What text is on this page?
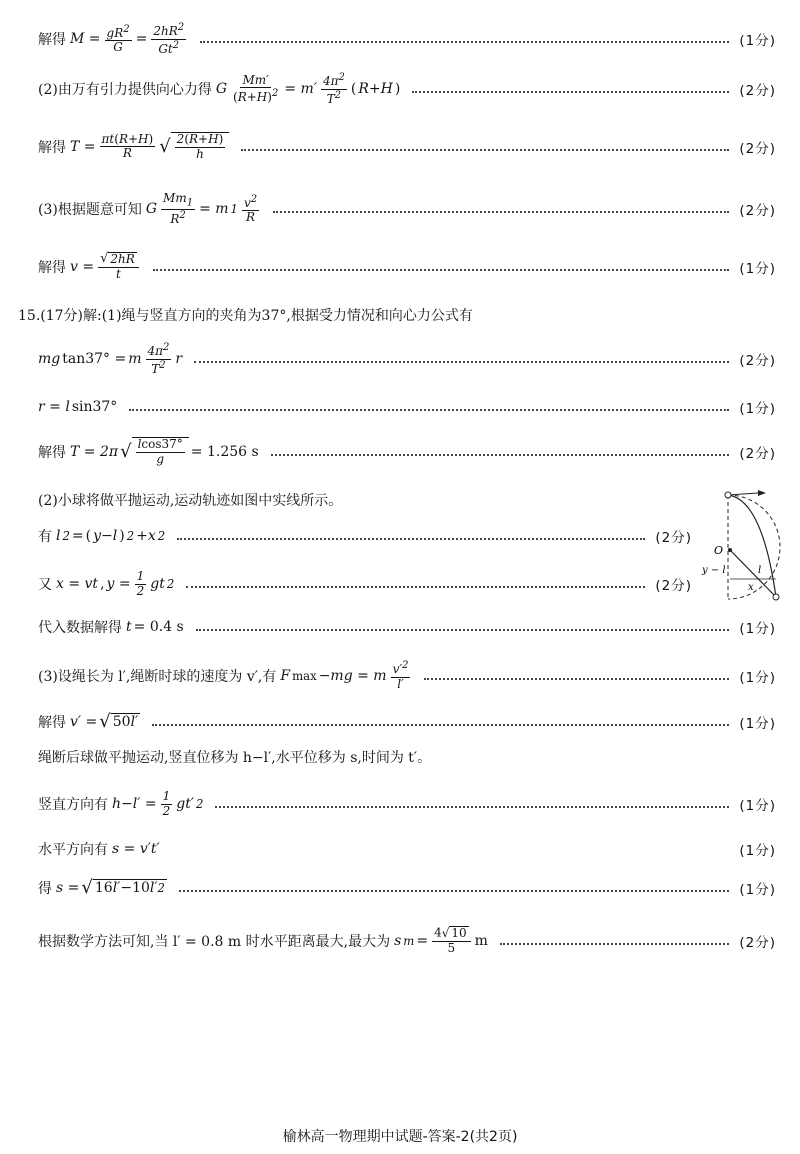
解得 $M = \frac{gR^2}{G} = \frac{2hR^2}{Gt^2}$	(1分)
(2)由万有引力提供向心力得 G $\frac{Mm'}{(R+H)^2} = m' \frac{4\pi^2}{T^2}$ ( R+H )	(2分)
解得 $T = \frac{\pi t(R+H)}{R}$ √ $\frac{2(R+H)}{h}$	(2分)
(3)根据题意可知 G $\frac{Mm_1}{R^2} = m$ $1 \frac{v^2}{R}$	(2分)
解得 $v = \frac{√ 2hR}{t}$	(1分)
15.(17分)解:(1)绳与竖直方向的夹角为37°,根据受力情况和向心力公式有
mg tan37° = m $\frac{4\pi^2}{T^2}$ r	(2分)
r = l sin37°	(1分)
解得 T = 2π √ $\frac{lcos37^\circ}{g} = 1.256$ s	(2分)
(2)小球将做平抛运动,运动轨迹如图中实线所示。
有 l 2 = ( y−l ) 2 +x 2	(2分)
又 x = vt , $y = \frac{1}{2}$ gt 2	(2分)
O
y − l	l
x
代入数据解得 t = 0.4 s	(1分)
(3)设绳长为 l′,绳断时球的速度为 v′,有 F max −mg = m $\frac{v'^2}{l'}$	(1分)
解得 v′ = √ 50 l′	(1分)
绳断后球做平抛运动,竖直位移为 h−l′,水平位移为 s,时间为 t′。
竖直方向有 $h-l' = \frac{1}{2} gt'$ 2	(1分)
水平方向有 s = v′t′	(1分)
得 s = √ 16 l′ −10 l′ 2	(1分)
根据数学方法可知,当 l′ = 0.8 m 时水平距离最大,最大为 s $m = \frac{4 √ 10}{5}$ m	(2分)
榆林高一物理期中试题-答案-2(共2页)
